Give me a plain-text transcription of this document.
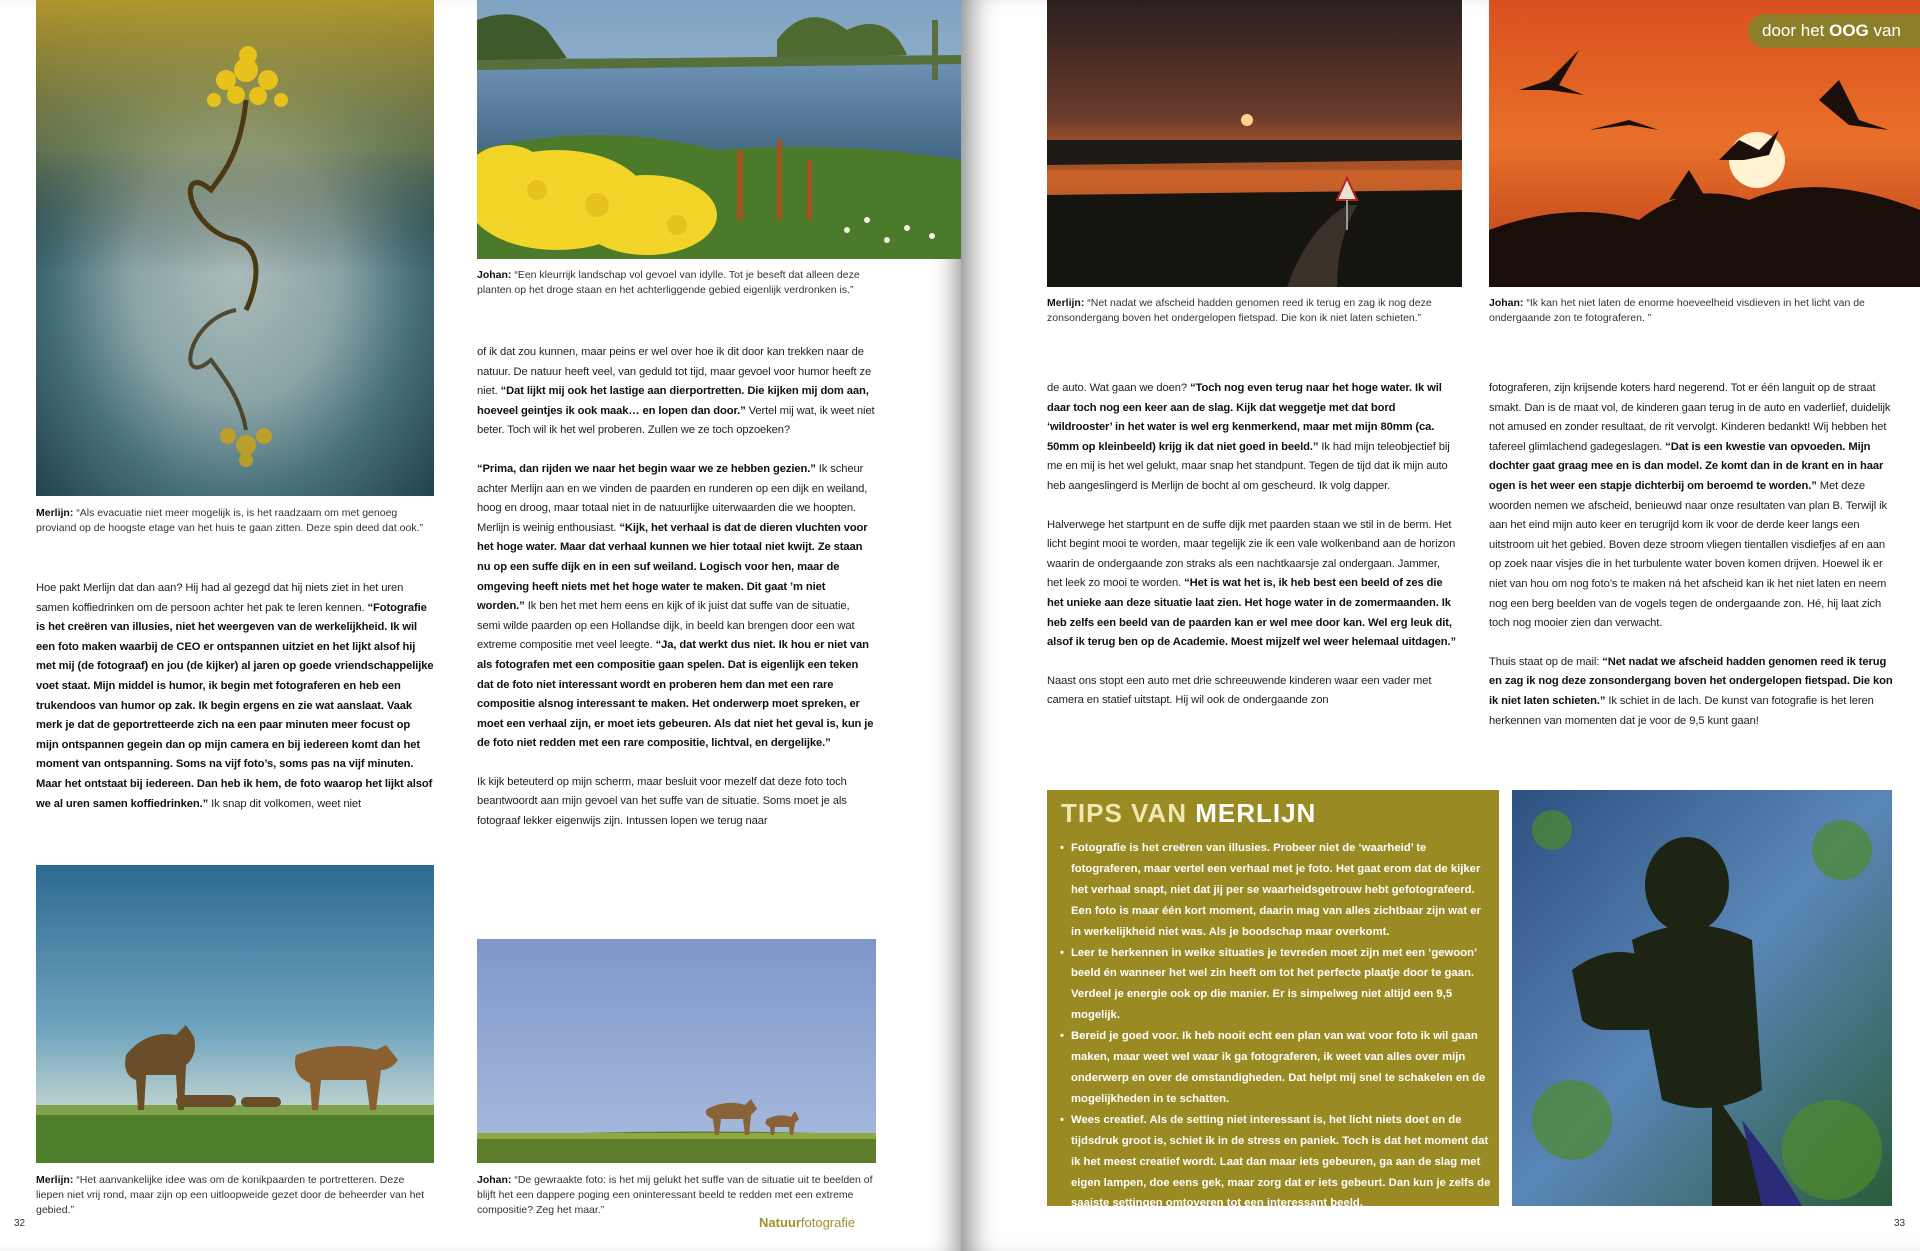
Merlijn: “Als evacuatie niet meer mogelijk is, is het raadzaam om met genoeg proviand op de hoogste etage van het huis te gaan zitten. Deze spin deed dat ook.”
Johan: “Een kleurrijk landschap vol gevoel van idylle. Tot je beseft dat alleen deze planten op het droge staan en het achterliggende gebied eigenlijk verdronken is.”

Hoe pakt Merlijn dat dan aan? Hij had al gezegd dat hij niets ziet in het uren samen koffiedrinken om de persoon achter het pak te leren kennen. “Fotografie is het creëren van illusies, niet het weergeven van de werkelijkheid. Ik wil een foto maken waarbij de CEO er ontspannen uitziet en het lijkt alsof hij met mij (de fotograaf) en jou (de kijker) al jaren op goede vriendschappelijke voet staat. Mijn middel is humor, ik begin met fotograferen en heb een trukendoos van humor op zak. Ik begin ergens en zie wat aanslaat. Vaak merk je dat de geportretteerde zich na een paar minuten meer focust op mijn ontspannen gegein dan op mijn camera en bij iedereen komt dan het moment van ontspanning. Soms na vijf foto’s, soms pas na vijf minuten. Maar het ontstaat bij iedereen. Dan heb ik hem, de foto waarop het lijkt alsof we al uren samen koffiedrinken.” Ik snap dit volkomen, weet niet

of ik dat zou kunnen, maar peins er wel over hoe ik dit door kan trekken naar de natuur. De natuur heeft veel, van geduld tot tijd, maar gevoel voor humor heeft ze niet. “Dat lijkt mij ook het lastige aan dierportretten. Die kijken mij dom aan, hoeveel geintjes ik ook maak… en lopen dan door.” Vertel mij wat, ik weet niet beter. Toch wil ik het wel proberen. Zullen we ze toch opzoeken?

“Prima, dan rijden we naar het begin waar we ze hebben gezien.” Ik scheur achter Merlijn aan en we vinden de paarden en runderen op een dijk en weiland, hoog en droog, maar totaal niet in de natuurlijke uiterwaarden die we hoopten. Merlijn is weinig enthousiast. “Kijk, het verhaal is dat de dieren vluchten voor het hoge water. Maar dat verhaal kunnen we hier totaal niet kwijt. Ze staan nu op een suffe dijk en in een suf weiland. Logisch voor hen, maar de omgeving heeft niets met het hoge water te maken. Dit gaat ’m niet worden.” Ik ben het met hem eens en kijk of ik juist dat suffe van de situatie, semi wilde paarden op een Hollandse dijk, in beeld kan brengen door een wat extreme compositie met veel leegte. “Ja, dat werkt dus niet. Ik hou er niet van als fotografen met een compositie gaan spelen. Dat is eigenlijk een teken dat de foto niet interessant wordt en proberen hem dan met een rare compositie alsnog interessant te maken. Het onderwerp moet spreken, er moet een verhaal zijn, er moet iets gebeuren. Als dat niet het geval is, kun je de foto niet redden met een rare compositie, lichtval, en dergelijke.”

Ik kijk beteuterd op mijn scherm, maar besluit voor mezelf dat deze foto toch beantwoordt aan mijn gevoel van het suffe van de situatie. Soms moet je als fotograaf lekker eigenwijs zijn. Intussen lopen we terug naar

Merlijn: “Het aanvankelijke idee was om de konikpaarden te portretteren. Deze liepen niet vrij rond, maar zijn op een uitloopweide gezet door de beheerder van het gebied.”
Johan: “De gewraakte foto: is het mij gelukt het suffe van de situatie uit te beelden of blijft het een dappere poging een oninteressant beeld te redden met een extreme compositie? Zeg het maar.”
32	Natuurfotografie
Merlijn: “Net nadat we afscheid hadden genomen reed ik terug en zag ik nog deze zonsondergang boven het ondergelopen fietspad. Die kon ik niet laten schieten.”
Johan: “Ik kan het niet laten de enorme hoeveelheid visdieven in het licht van de ondergaande zon te fotograferen. ”
door het OOG van

de auto. Wat gaan we doen? “Toch nog even terug naar het hoge water. Ik wil daar toch nog een keer aan de slag. Kijk dat weggetje met dat bord ‘wildrooster’ in het water is wel erg kenmerkend, maar met mijn 80mm (ca. 50mm op kleinbeeld) krijg ik dat niet goed in beeld.” Ik had mijn teleobjectief bij me en mij is het wel gelukt, maar snap het standpunt. Tegen de tijd dat ik mijn auto heb aangeslingerd is Merlijn de bocht al om gescheurd. Ik volg dapper.

Halverwege het startpunt en de suffe dijk met paarden staan we stil in de berm. Het licht begint mooi te worden, maar tegelijk zie ik een vale wolkenband aan de horizon waarin de ondergaande zon straks als een nachtkaarsje zal ondergaan. Jammer, het leek zo mooi te worden. “Het is wat het is, ik heb best een beeld of zes die het unieke aan deze situatie laat zien. Het hoge water in de zomermaanden. Ik heb zelfs een beeld van de paarden kan er wel mee door kan. Wel erg leuk dit, alsof ik terug ben op de Academie. Moest mijzelf wel weer helemaal uitdagen.”

Naast ons stopt een auto met drie schreeuwende kinderen waar een vader met camera en statief uitstapt. Hij wil ook de ondergaande zon

fotograferen, zijn krijsende koters hard negerend. Tot er één languit op de straat smakt. Dan is de maat vol, de kinderen gaan terug in de auto en vaderlief, duidelijk not amused en zonder resultaat, de rit vervolgt. Kinderen bedankt! Wij hebben het tafereel glimlachend gadegeslagen. “Dat is een kwestie van opvoeden. Mijn dochter gaat graag mee en is dan model. Ze komt dan in de krant en in haar ogen is het weer een stapje dichterbij om beroemd te worden.” Met deze woorden nemen we afscheid, benieuwd naar onze resultaten van plan B. Terwijl ik aan het eind mijn auto keer en terugrijd kom ik voor de derde keer langs een uitstroom uit het gebied. Boven deze stroom vliegen tientallen visdiefjes af en aan op zoek naar visjes die in het turbulente water boven komen drijven. Hoewel ik er niet van hou om nog foto’s te maken ná het afscheid kan ik het niet laten en neem nog een berg beelden van de vogels tegen de ondergaande zon. Hé, hij laat zich toch nog mooier zien dan verwacht.

Thuis staat op de mail: “Net nadat we afscheid hadden genomen reed ik terug en zag ik nog deze zonsondergang boven het ondergelopen fietspad. Die kon ik niet laten schieten.” Ik schiet in de lach. De kunst van fotografie is het leren herkennen van momenten dat je voor de 9,5 kunt gaan!

TIPS VAN MERLIJN
• Fotografie is het creëren van illusies. Probeer niet de ‘waarheid’ te fotograferen, maar vertel een verhaal met je foto. Het gaat erom dat de kijker het verhaal snapt, niet dat jij per se waarheidsgetrouw hebt gefotografeerd. Een foto is maar één kort moment, daarin mag van alles zichtbaar zijn wat er in werkelijkheid niet was. Als je boodschap maar overkomt.
• Leer te herkennen in welke situaties je tevreden moet zijn met een ‘gewoon’ beeld én wanneer het wel zin heeft om tot het perfecte plaatje door te gaan. Verdeel je energie ook op die manier. Er is simpelweg niet altijd een 9,5 mogelijk.
• Bereid je goed voor. Ik heb nooit echt een plan van wat voor foto ik wil gaan maken, maar weet wel waar ik ga fotograferen, ik weet van alles over mijn onderwerp en over de omstandigheden. Dat helpt mij snel te schakelen en de mogelijkheden in te schatten.
• Wees creatief. Als de setting niet interessant is, het licht niets doet en de tijdsdruk groot is, schiet ik in de stress en paniek. Toch is dat het moment dat ik het meest creatief wordt. Laat dan maar iets gebeuren, ga aan de slag met eigen lampen, doe eens gek, maar zorg dat er iets gebeurt. Dan kun je zelfs de saaiste settingen omtoveren tot een interessant beeld.
33
